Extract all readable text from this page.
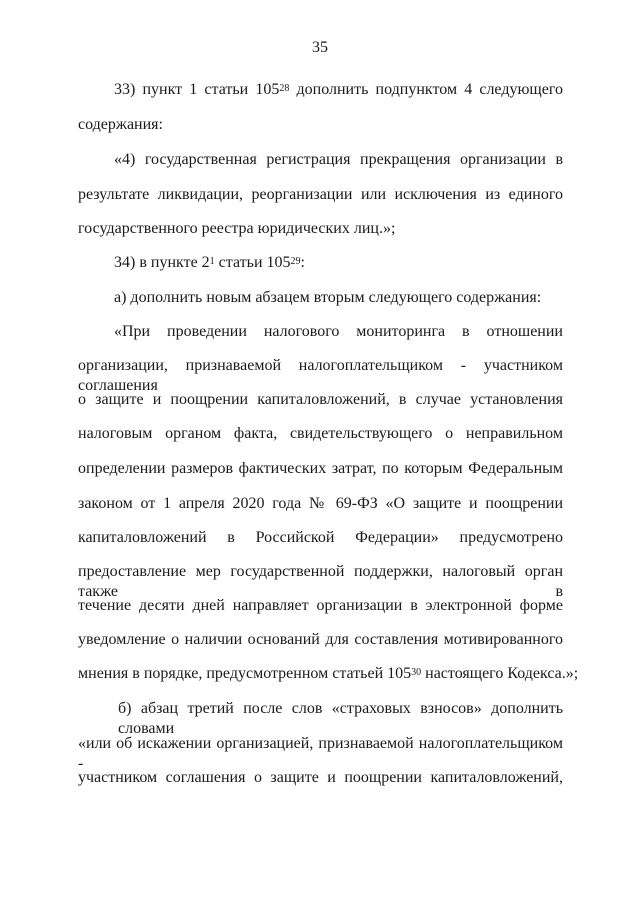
35
33) пункт 1 статьи $105^{28}$ дополнить подпунктом 4 следующего
содержания:
«4) государственная регистрация прекращения организации в
результате ликвидации, реорганизации или исключения из единого
государственного реестра юридических лиц.»;
34) в пункте $2^1$ статьи $105^{29}$:
а) дополнить новым абзацем вторым следующего содержания:
«При проведении налогового мониторинга в отношении
организации, признаваемой налогоплательщиком - участником соглашения
о защите и поощрении капиталовложений, в случае установления
налоговым органом факта, свидетельствующего о неправильном
определении размеров фактических затрат, по которым Федеральным
законом от 1 апреля 2020 года № 69-ФЗ «О защите и поощрении
капиталовложений в Российской Федерации» предусмотрено
предоставление мер государственной поддержки, налоговый орган также в
течение десяти дней направляет организации в электронной форме
уведомление о наличии оснований для составления мотивированного
мнения в порядке, предусмотренном статьей $105^{30}$ настоящего Кодекса.»;
б) абзац третий после слов «страховых взносов» дополнить словами
«или об искажении организацией, признаваемой налогоплательщиком -
участником соглашения о защите и поощрении капиталовложений,
